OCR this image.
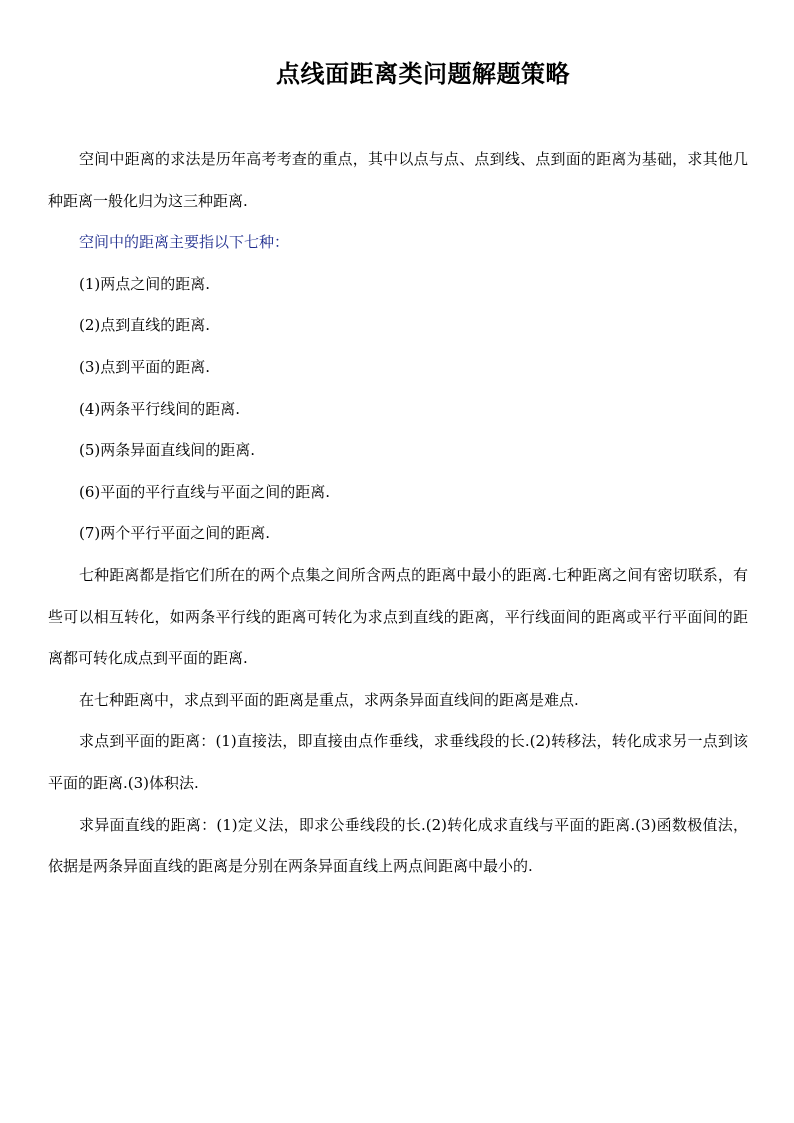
点线面距离类问题解题策略

空间中距离的求法是历年高考考查的重点，其中以点与点、点到线、点到面的距离为基础，求其他几种距离一般化归为这三种距离.

空间中的距离主要指以下七种：

(1)两点之间的距离.

(2)点到直线的距离.

(3)点到平面的距离.

(4)两条平行线间的距离.

(5)两条异面直线间的距离.

(6)平面的平行直线与平面之间的距离.

(7)两个平行平面之间的距离.

七种距离都是指它们所在的两个点集之间所含两点的距离中最小的距离.七种距离之间有密切联系，有些可以相互转化，如两条平行线的距离可转化为求点到直线的距离，平行线面间的距离或平行平面间的距离都可转化成点到平面的距离.

在七种距离中，求点到平面的距离是重点，求两条异面直线间的距离是难点.

求点到平面的距离：(1)直接法，即直接由点作垂线，求垂线段的长.(2)转移法，转化成求另一点到该平面的距离.(3)体积法.

求异面直线的距离：(1)定义法，即求公垂线段的长.(2)转化成求直线与平面的距离.(3)函数极值法，依据是两条异面直线的距离是分别在两条异面直线上两点间距离中最小的.
